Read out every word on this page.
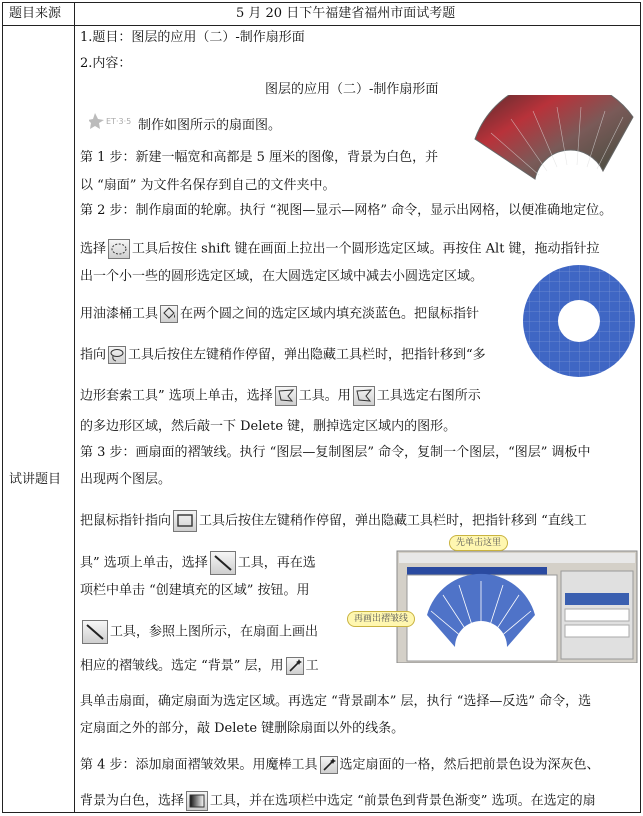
题目来源	5 月 20 日下午福建省福州市面试考题
试讲题目
1.题目：图层的应用（二）-制作扇形面
2.内容：
图层的应用（二）-制作扇形面
ET·3·5 制作如图所示的扇面图。
第 1 步：新建一幅宽和高都是 5 厘米的图像，背景为白色，并
以 “扇面” 为文件名保存到自己的文件夹中。
第 2 步：制作扇面的轮廓。执行 “视图—显示—网格” 命令，显示出网格，以便准确地定位。
选择 工具后按住 shift 键在画面上拉出一个圆形选定区域。再按住 Alt 键，拖动指针拉
出一个小一些的圆形选定区域，在大圆选定区域中减去小圆选定区域。
用油漆桶工具 在两个圆之间的选定区域内填充淡蓝色。把鼠标指针
指向 工具后按住左键稍作停留，弹出隐藏工具栏时，把指针移到“多
边形套索工具” 选项上单击，选择 工具。用 工具选定右图所示
的多边形区域，然后敲一下 Delete 键，删掉选定区域内的图形。
第 3 步：画扇面的褶皱线。执行 “图层—复制图层” 命令，复制一个图层，“图层” 调板中
出现两个图层。
把鼠标指针指向 工具后按住左键稍作停留，弹出隐藏工具栏时，把指针移到 “直线工
具” 选项上单击，选择 工具，再在选
项栏中单击 “创建填充的区域” 按钮。用
工具，参照上图所示，在扇面上画出
相应的褶皱线。选定 “背景” 层，用 工
先单击这里
再画出褶皱线
具单击扇面，确定扇面为选定区域。再选定 “背景副本” 层，执行 “选择—反选” 命令，选
定扇面之外的部分，敲 Delete 键删除扇面以外的线条。
第 4 步：添加扇面褶皱效果。用魔棒工具 选定扇面的一格，然后把前景色设为深灰色、
背景为白色，选择 工具，并在选项栏中选定 “前景色到背景色渐变” 选项。在选定的扇
